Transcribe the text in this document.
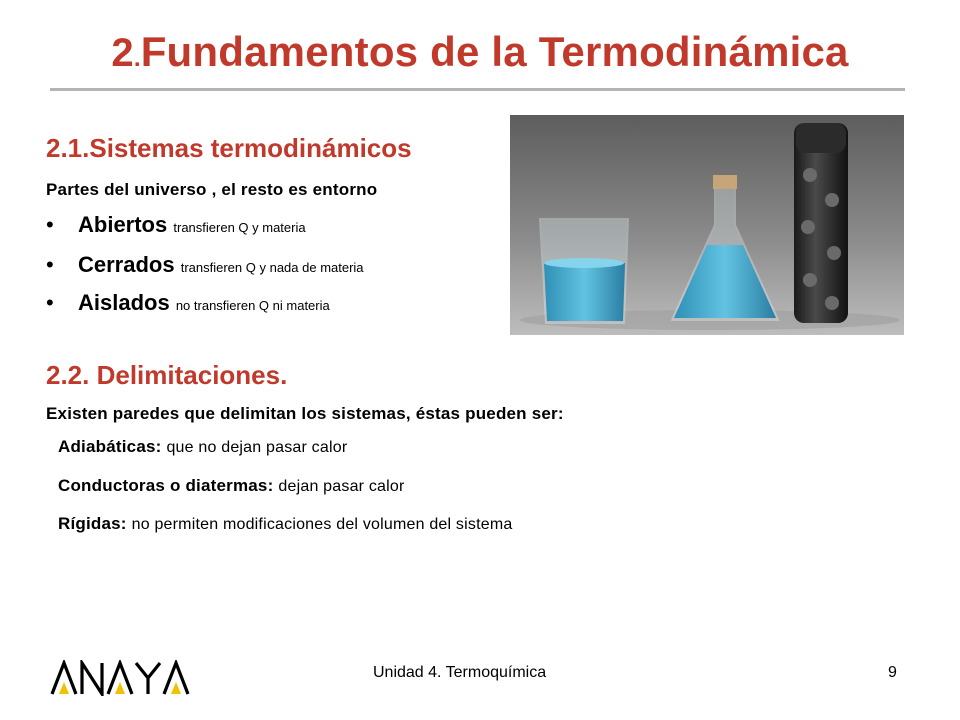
2.Fundamentos de la Termodinámica
2.1.Sistemas termodinámicos
Partes del universo , el resto es entorno
• Abiertos transfieren Q y materia
• Cerrados transfieren Q y nada de materia
• Aislados no transfieren Q ni materia
2.2. Delimitaciones.
Existen paredes que delimitan los sistemas, éstas pueden ser:
Adiabáticas: que no dejan pasar calor
Conductoras o diatermas: dejan pasar calor
Rígidas: no permiten modificaciones del volumen del sistema
Unidad 4. Termoquímica	9
